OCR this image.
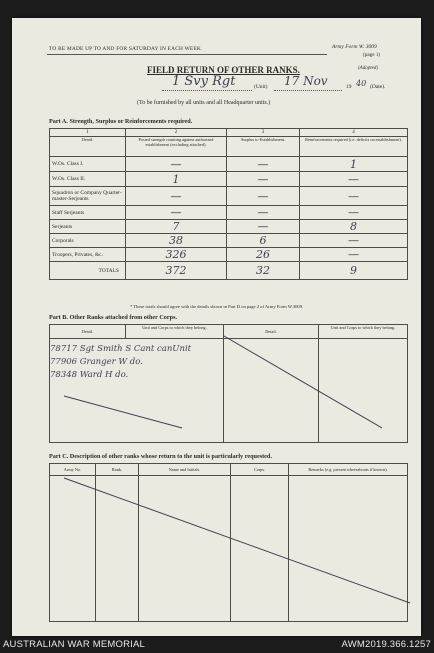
TO BE MADE UP TO AND FOR SATURDAY IN EACH WEEK.	Army Form W. 3009
(page 1)
FIELD RETURN OF OTHER RANKS.	(Adopted)
1 Svy Rgt	(Unit) 17 Nov	19 40 (Date).
(To be furnished by all units and all Headquarter units.)
Part A. Strength, Surplus or Reinforcements required.
1	2	3	4
Detail.	Posted strength counting against authorized establishment (excluding attached).	Surplus to Establishment.	Reinforcements required (i.e. deficits on establishment).
W.Os. Class I.	—	—	1
W.Os. Class II.	1	—	—
Squadron or Company Quarter-master-Serjeants	—	—	—
Staff Serjeants	—	—	—
Serjeants	7	—	8
Corporals	38	6	—
Troopers, Privates, &c.	326	26	—
TOTALS	372	32	9
* These totals should agree with the details shown in Part D on page 2 of Army Form W.3009.
Part B. Other Ranks attached from other Corps.
Detail.	Unit and Corps to which they belong.	Detail.	Unit and Corps to which they belong.

78717 Sgt Smith S Cant canUnit
77906 Granger W do.
78348 Ward H do.			

Part C. Description of other ranks whose return to the unit is particularly requested.
Army No.	Rank.	Name and Initials.	Corps.	Remarks (e.g. present whereabouts if known).

AUSTRALIAN WAR MEMORIAL	AWM2019.366.1257
